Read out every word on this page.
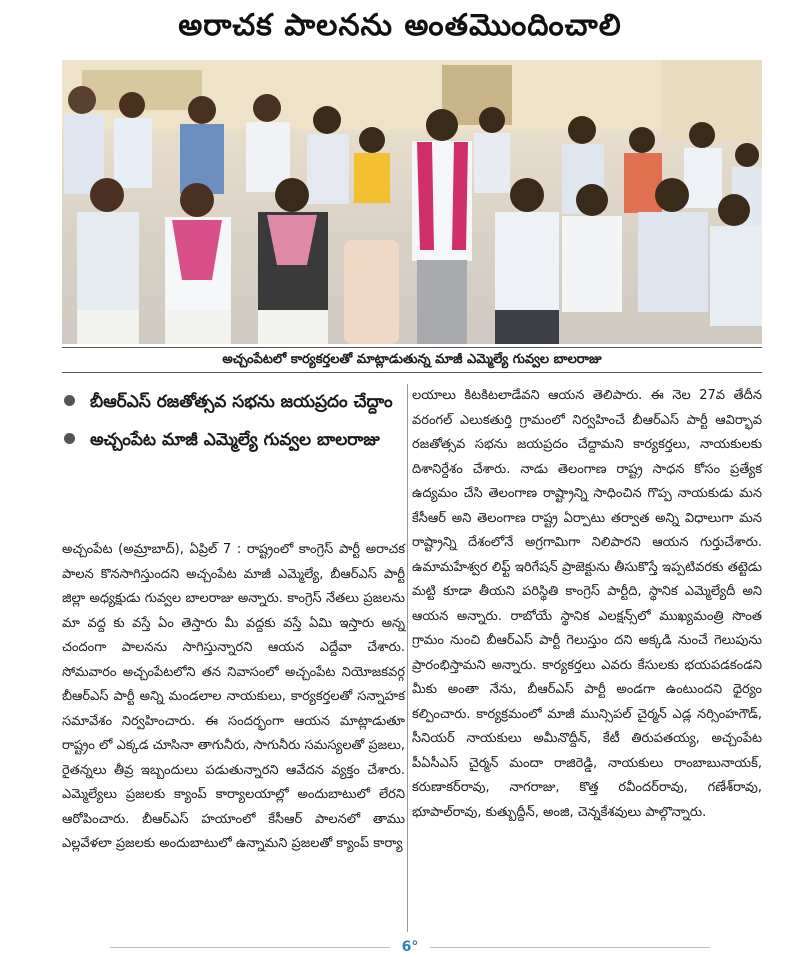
అరాచక పాలనను అంతమొందించాలి
అచ్చంపేటలో కార్యకర్తలతో మాట్లాడుతున్న మాజీ ఎమ్మెల్యే గువ్వల బాలరాజు
బీఆర్ఎస్ రజతోత్సవ సభను జయప్రదం చేద్దాం
అచ్చంపేట మాజీ ఎమ్మెల్యే గువ్వల బాలరాజు

అచ్చంపేట (అమ్రాబాద్), ఏప్రిల్ 7 : రాష్ట్రంలో కాంగ్రెస్ పార్టీ అరాచక పాలన కొనసాగిస్తుందని అచ్చంపేట మాజీ ఎమ్మెల్యే, బీఆర్ఎస్ పార్టీ జిల్లా అధ్యక్షుడు గువ్వల బాలరాజు అన్నారు. కాంగ్రెస్ నేతలు ప్రజలను మా వద్ద కు వస్తే ఏం తెస్తారు మీ వద్దకు వస్తే ఏమి ఇస్తారు అన్న చందంగా పాలనను సాగిస్తున్నారని ఆయన ఎద్దేవా చేశారు. సోమవారం అచ్చంపేటలోని తన నివాసంలో అచ్చంపేట నియోజకవర్గ బీఆర్ఎస్ పార్టీ అన్ని మండలాల నాయకులు, కార్యకర్తలతో సన్నాహక సమావేశం నిర్వహించారు. ఈ సందర్భంగా ఆయన మాట్లాడుతూ రాష్ట్రం లో ఎక్కడ చూసినా తాగునీరు, సాగునీరు సమస్యలతో ప్రజలు, రైతన్నలు తీవ్ర ఇబ్బందులు పడుతున్నారని ఆవేదన వ్యక్తం చేశారు. ఎమ్మెల్యేలు ప్రజలకు క్యాంప్ కార్యాలయాల్లో అందుబాటులో లేరని ఆరోపించారు. బీఆర్ఎస్ హయాంలో కేసీఆర్ పాలనలో తాము ఎల్లవేళలా ప్రజలకు అందుబాటులో ఉన్నామని ప్రజలతో క్యాంప్ కార్యా

లయాలు కిటకిటలాడేవని ఆయన తెలిపారు. ఈ నెల 27వ తేదీన వరంగల్ ఎలుకతుర్తి గ్రామంలో నిర్వహించే బీఆర్ఎస్ పార్టీ ఆవిర్భావ రజతోత్సవ సభను జయప్రదం చేద్దామని కార్యకర్తలు, నాయకులకు దిశానిర్దేశం చేశారు. నాడు తెలంగాణ రాష్ట్ర సాధన కోసం ప్రత్యేక ఉద్యమం చేసి తెలంగాణ రాష్ట్రాన్ని సాధించిన గొప్ప నాయకుడు మన కేసీఆర్ అని తెలంగాణ రాష్ట్ర ఏర్పాటు తర్వాత అన్ని విధాలుగా మన రాష్ట్రాన్ని దేశంలోనే అగ్రగామిగా నిలిపారని ఆయన గుర్తుచేశారు. ఉమామహేశ్వర లిఫ్ట్ ఇరిగేషన్ ప్రాజెక్టును తీసుకొస్తే ఇప్పటివరకు తట్టెడు మట్టి కూడా తీయని పరిస్థితి కాంగ్రెస్ పార్టీది, స్థానిక ఎమ్మెల్యేదీ అని ఆయన అన్నారు. రాబోయే స్థానిక ఎలక్షన్స్‌లో ముఖ్యమంత్రి సొంత గ్రామం నుంచి బీఆర్ఎస్ పార్టీ గెలుస్తుం దని అక్కడి నుంచే గెలుపును ప్రారంభిస్తామని అన్నారు. కార్యకర్తలు ఎవరు కేసులకు భయపడకండని మీకు అంతా నేను, బీఆర్ఎస్ పార్టీ అండగా ఉంటుందని ధైర్యం కల్పించారు. కార్యక్రమంలో మాజీ మున్సిపల్ చైర్మన్ ఎడ్ల నర్సింహగౌడ్, సీనియర్ నాయకులు అమీనొద్దీన్, కేటీ తిరుపతయ్య, అచ్చంపేట పీఏసీఎస్ చైర్మన్ మందా రాజిరెడ్డి, నాయకులు రాంబాబునాయక్, కరుణాకర్‌రావు, నాగరాజు, కొత్త రవీందర్‌రావు, గణేశ్‌రావు, భూపాల్‌రావు, కుత్బుద్దీన్, అంజి, చెన్నకేశవులు పాల్గొన్నారు.

6°
